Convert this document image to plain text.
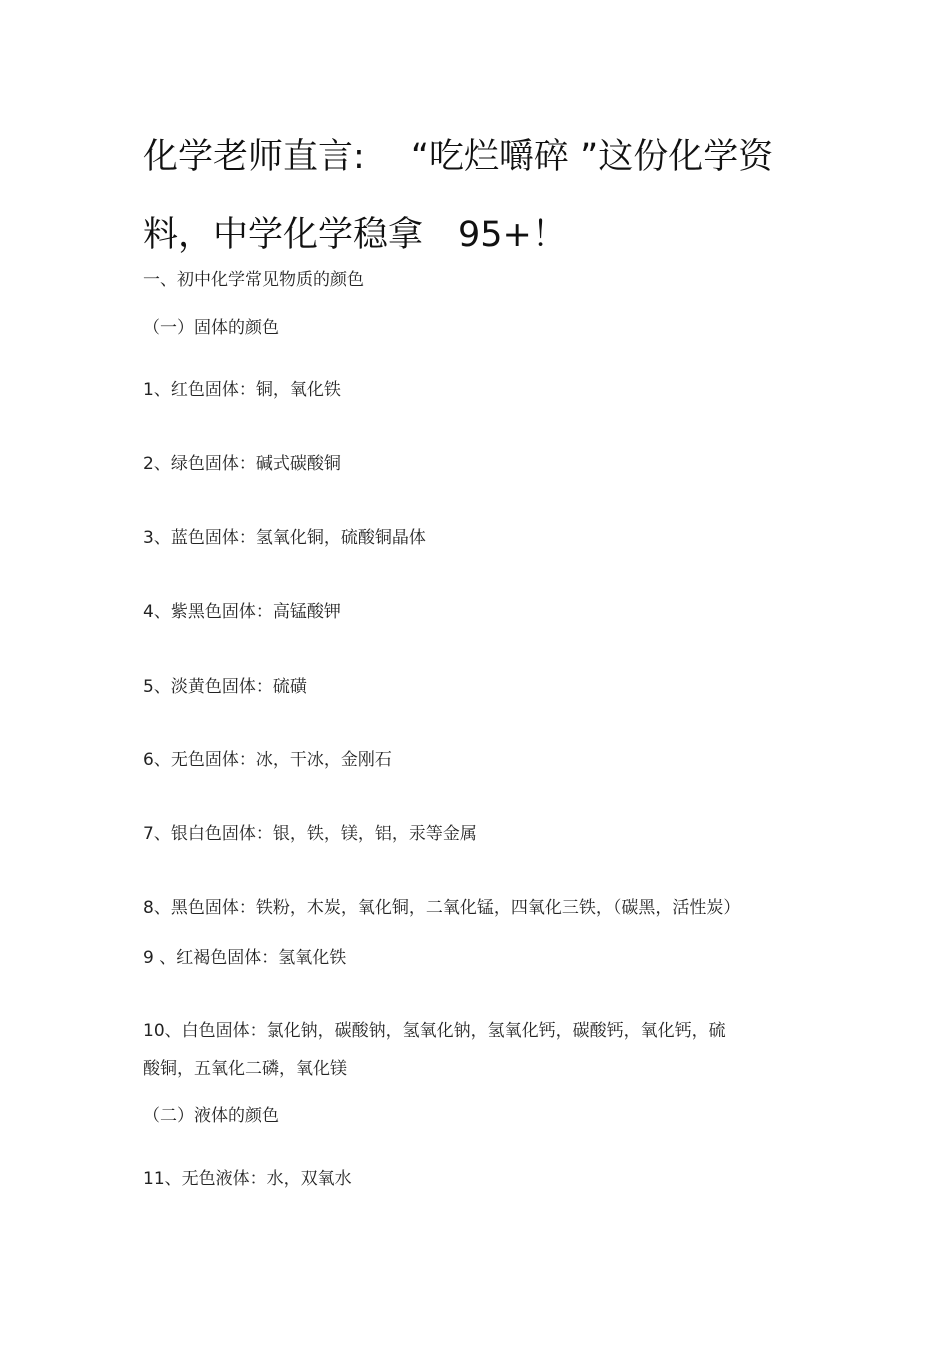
化学老师直言:　 “吃烂嚼碎 ”这份化学资
料，中学化学稳拿　95+！
一、初中化学常见物质的颜色
（一）固体的颜色
1、红色固体：铜，氧化铁
2、绿色固体：碱式碳酸铜
3、蓝色固体：氢氧化铜，硫酸铜晶体
4、紫黑色固体：高锰酸钾
5、淡黄色固体：硫磺
6、无色固体：冰，干冰，金刚石
7、银白色固体：银，铁，镁，铝，汞等金属
8、黑色固体：铁粉，木炭，氧化铜，二氧化锰，四氧化三铁，（碳黑，活性炭）
9 、红褐色固体：氢氧化铁
10、白色固体：氯化钠，碳酸钠，氢氧化钠，氢氧化钙，碳酸钙，氧化钙，硫
酸铜，五氧化二磷，氧化镁
（二）液体的颜色
11、无色液体：水，双氧水
